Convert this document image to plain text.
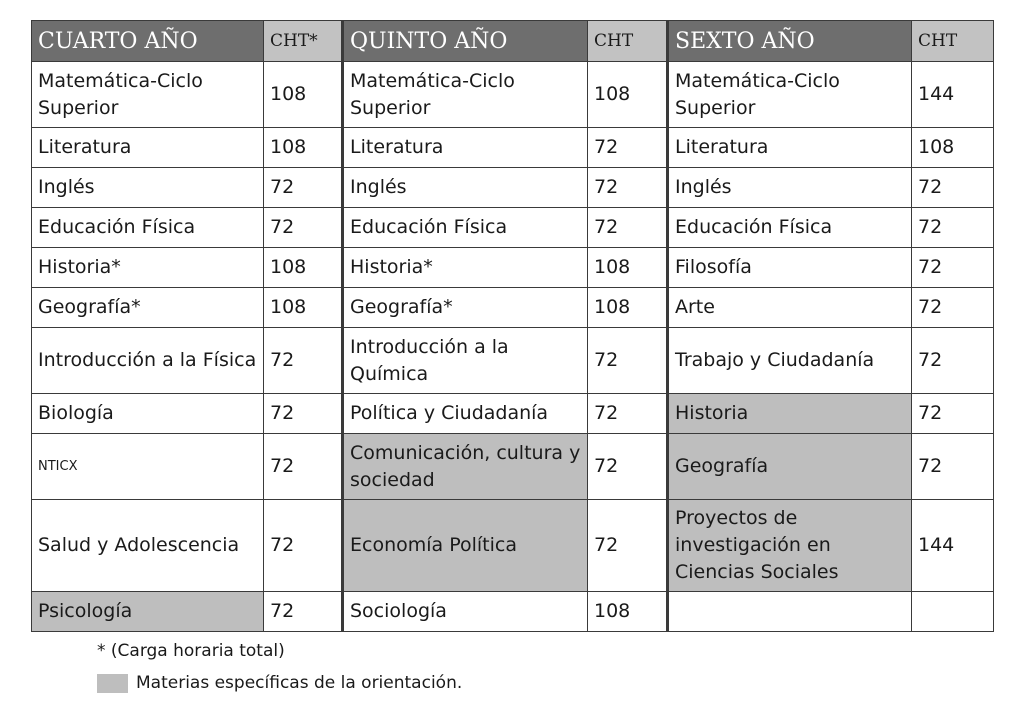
CUARTO AÑO	CHT*	QUINTO AÑO	CHT	SEXTO AÑO	CHT
Matemática-Ciclo Superior	108	Matemática-Ciclo Superior	108	Matemática-Ciclo Superior	144
Literatura	108	Literatura	72	Literatura	108
Inglés	72	Inglés	72	Inglés	72
Educación Física	72	Educación Física	72	Educación Física	72
Historia*	108	Historia*	108	Filosofía	72
Geografía*	108	Geografía*	108	Arte	72
Introducción a la Física	72	Introducción a la Química	72	Trabajo y Ciudadanía	72
Biología	72	Política y Ciudadanía	72	Historia	72
NTICX	72	Comunicación, cultura y sociedad	72	Geografía	72
Salud y Adolescencia	72	Economía Política	72	Proyectos de investigación en Ciencias Sociales	144
Psicología	72	Sociología	108		
* (Carga horaria total)
Materias específicas de la orientación.
